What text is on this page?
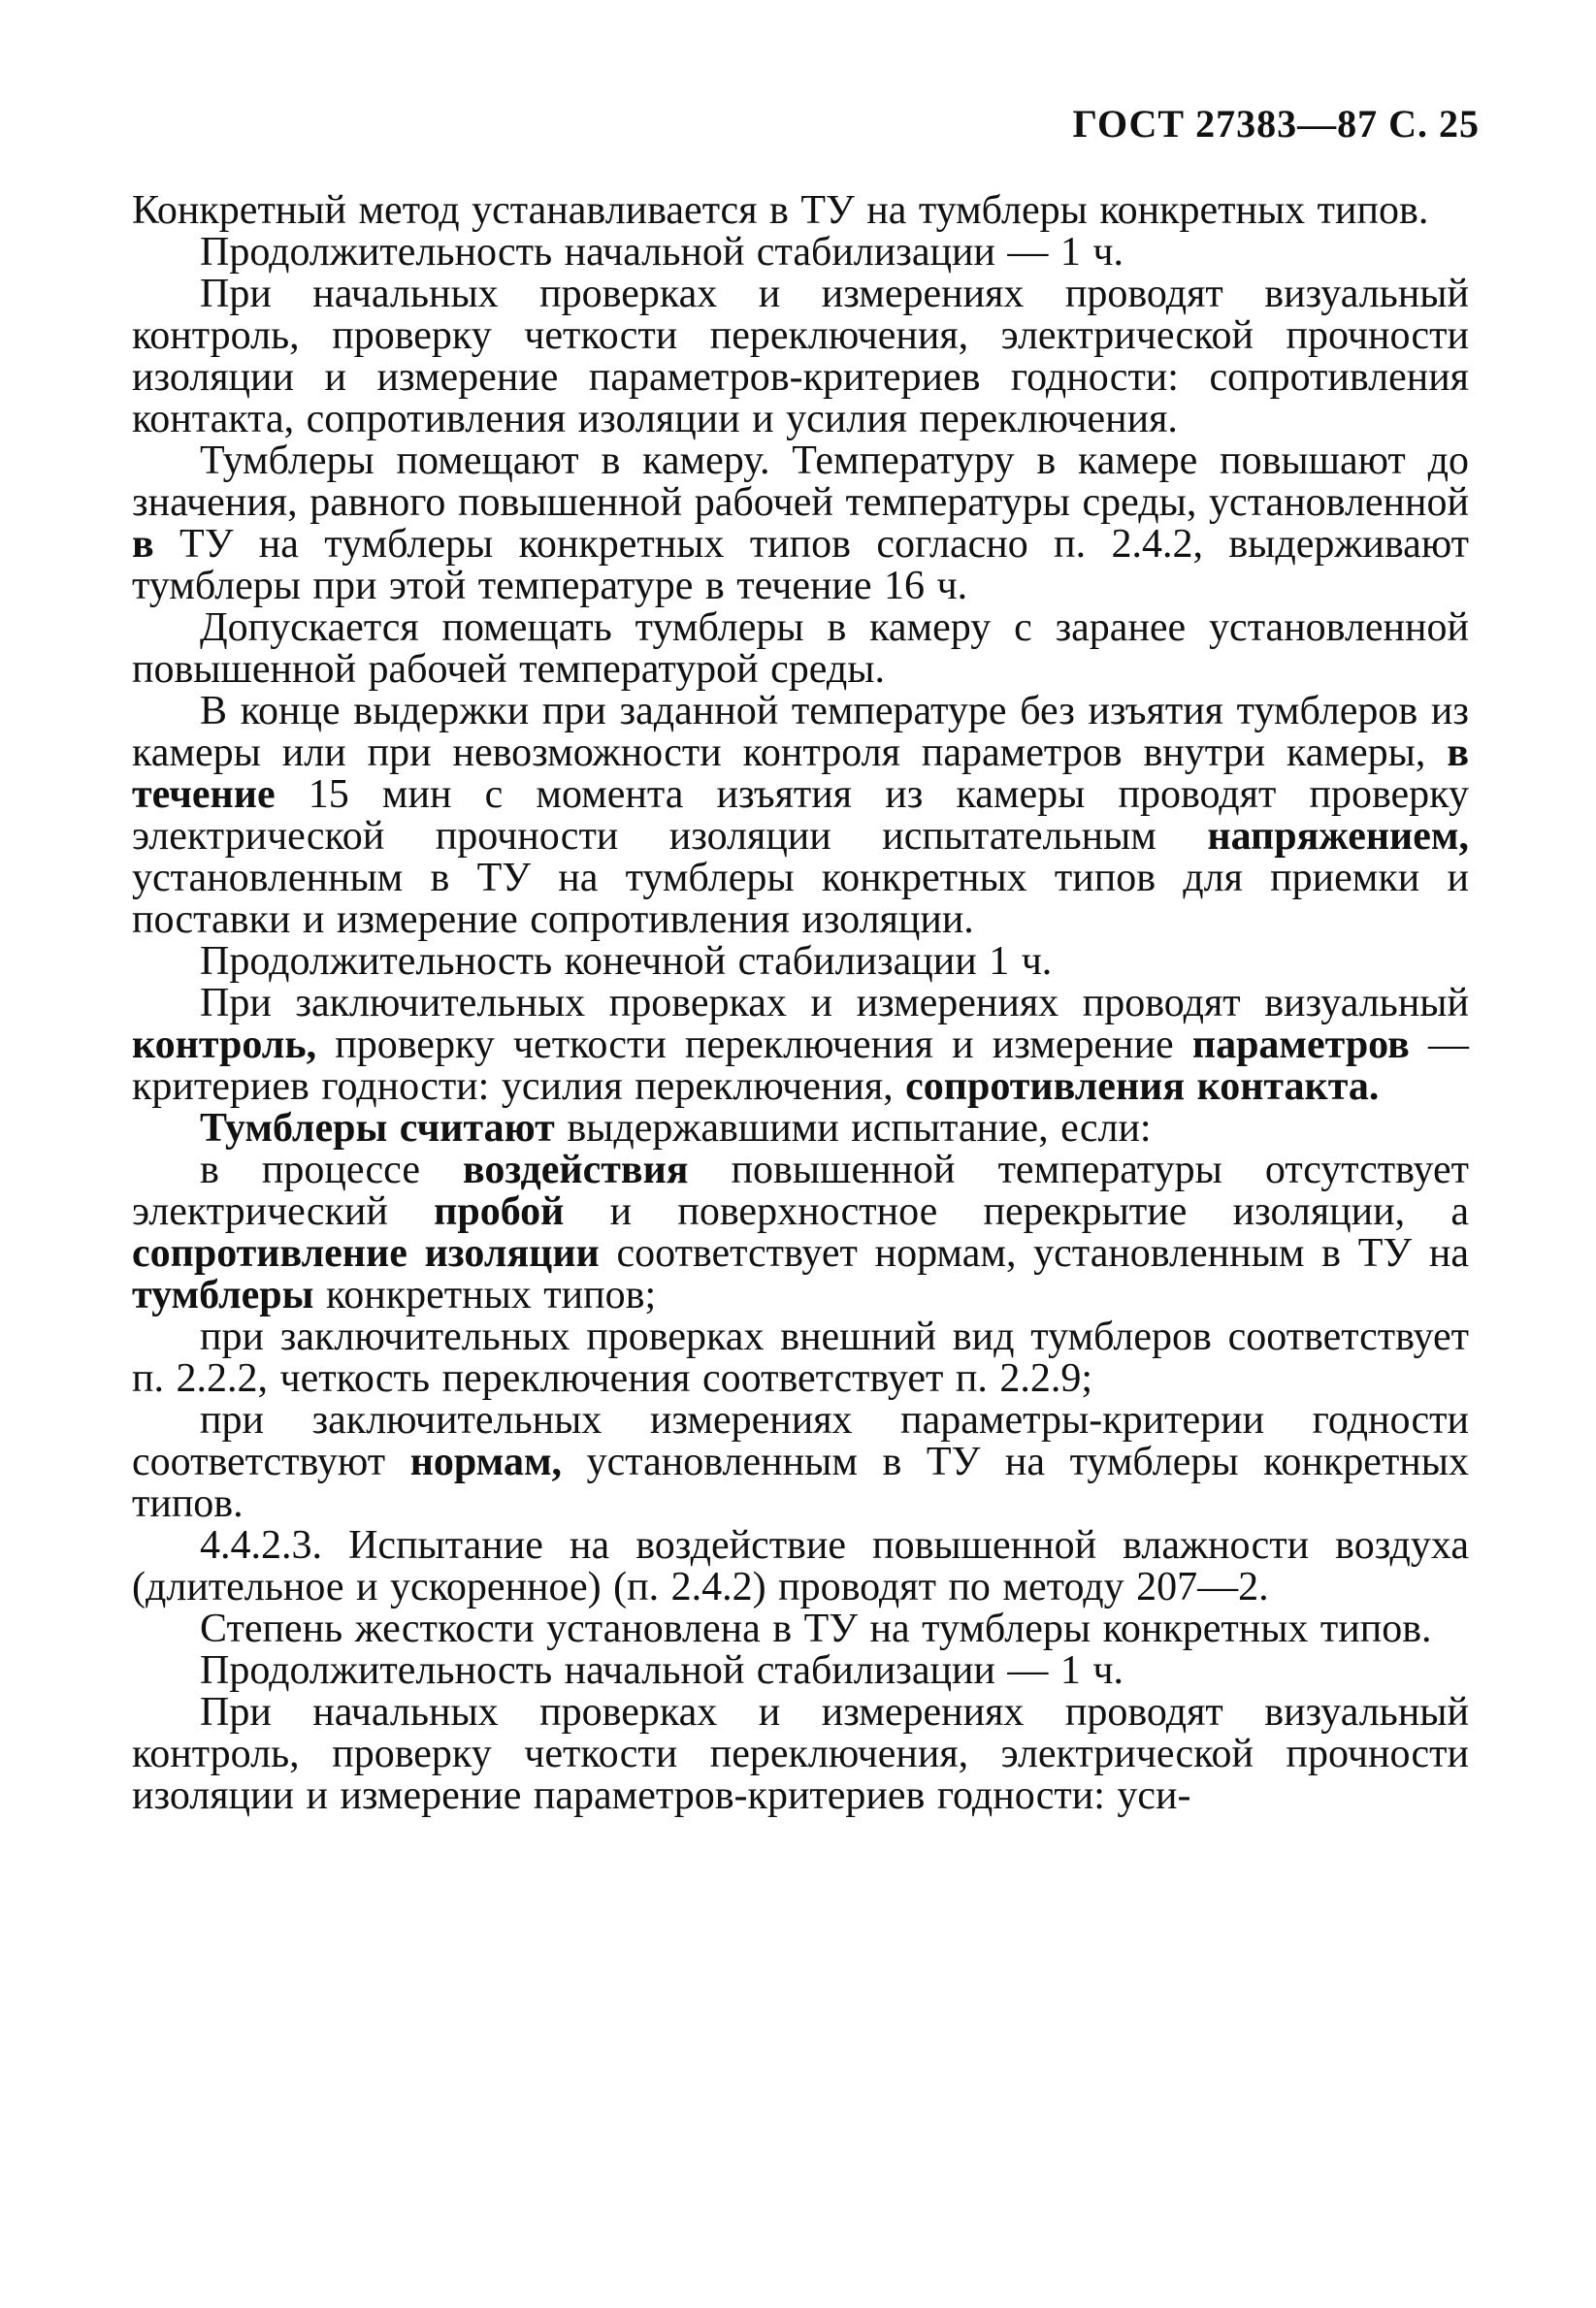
ГОСТ 27383—87 С. 25

Конкретный метод устанавливается в ТУ на тумблеры конкретных типов.

Продолжительность начальной стабилизации — 1 ч.

При начальных проверках и измерениях проводят визуальный контроль, проверку четкости переключения, электрической прочности изоляции и измерение параметров-критериев годности: сопротивления контакта, сопротивления изоляции и усилия переключения.

Тумблеры помещают в камеру. Температуру в камере повышают до значения, равного повышенной рабочей температуры среды, установленной в ТУ на тумблеры конкретных типов согласно п. 2.4.2, выдерживают тумблеры при этой температуре в течение 16 ч.

Допускается помещать тумблеры в камеру с заранее установленной повышенной рабочей температурой среды.

В конце выдержки при заданной температуре без изъятия тумблеров из камеры или при невозможности контроля параметров внутри камеры, в течение 15 мин с момента изъятия из камеры проводят проверку электрической прочности изоляции испытательным напряжением, установленным в ТУ на тумблеры конкретных типов для приемки и поставки и измерение сопротивления изоляции.

Продолжительность конечной стабилизации 1 ч.

При заключительных проверках и измерениях проводят визуальный контроль, проверку четкости переключения и измерение параметров — критериев годности: усилия переключения, сопротивления контакта.

Тумблеры считают выдержавшими испытание, если:

в процессе воздействия повышенной температуры отсутствует электрический пробой и поверхностное перекрытие изоляции, а сопротивление изоляции соответствует нормам, установленным в ТУ на тумблеры конкретных типов;

при заключительных проверках внешний вид тумблеров соответствует п. 2.2.2, четкость переключения соответствует п. 2.2.9;

при заключительных измерениях параметры-критерии годности соответствуют нормам, установленным в ТУ на тумблеры конкретных типов.

4.4.2.3. Испытание на воздействие повышенной влажности воздуха (длительное и ускоренное) (п. 2.4.2) проводят по методу 207—2.

Степень жесткости установлена в ТУ на тумблеры конкретных типов.

Продолжительность начальной стабилизации — 1 ч.

При начальных проверках и измерениях проводят визуальный контроль, проверку четкости переключения, электрической прочности изоляции и измерение параметров-критериев годности: уси-
